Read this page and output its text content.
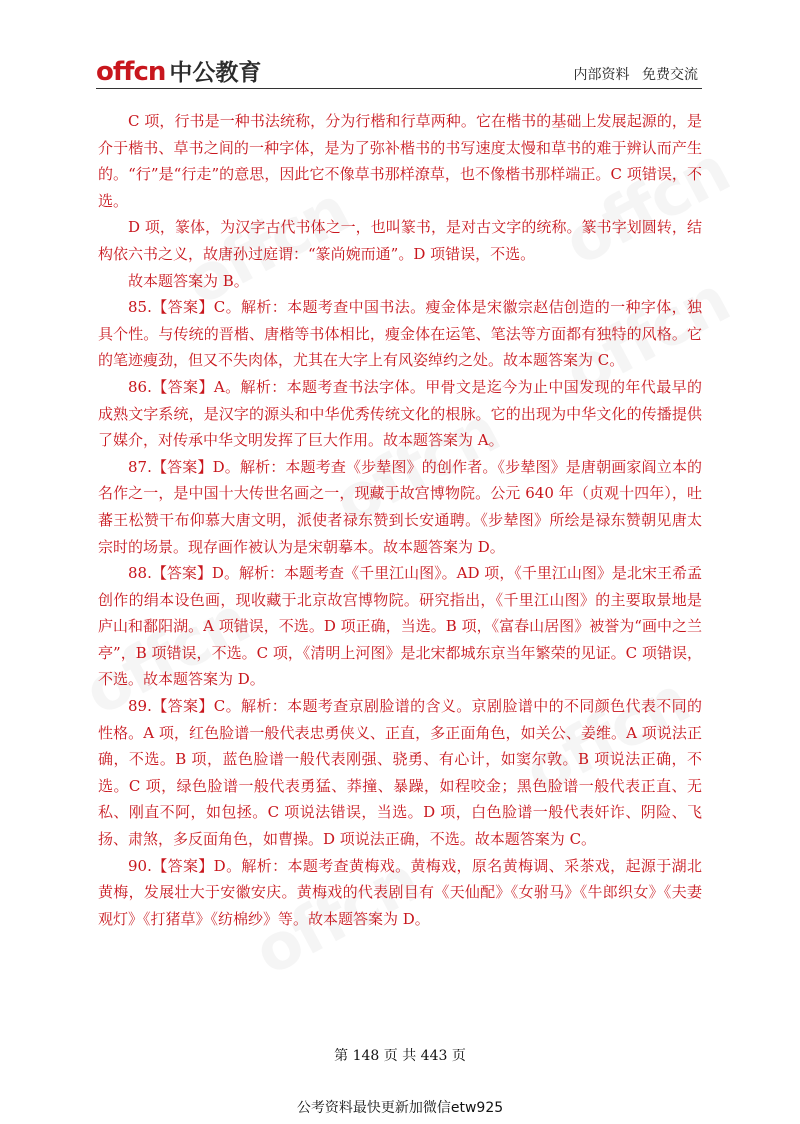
offcn 中公教育	内部资料 免费交流

C 项，行书是一种书法统称，分为行楷和行草两种。它在楷书的基础上发展起源的，是介于楷书、草书之间的一种字体，是为了弥补楷书的书写速度太慢和草书的难于辨认而产生的。“行”是“行走”的意思，因此它不像草书那样潦草，也不像楷书那样端正。C 项错误，不选。

D 项，篆体，为汉字古代书体之一，也叫篆书，是对古文字的统称。篆书字划圆转，结构依六书之义，故唐孙过庭谓：“篆尚婉而通”。D 项错误，不选。

故本题答案为 B。

85.【答案】C。解析：本题考查中国书法。瘦金体是宋徽宗赵佶创造的一种字体，独具个性。与传统的晋楷、唐楷等书体相比，瘦金体在运笔、笔法等方面都有独特的风格。它的笔迹瘦劲，但又不失肉体，尤其在大字上有风姿绰约之处。故本题答案为 C。

86.【答案】A。解析：本题考查书法字体。甲骨文是迄今为止中国发现的年代最早的成熟文字系统，是汉字的源头和中华优秀传统文化的根脉。它的出现为中华文化的传播提供了媒介，对传承中华文明发挥了巨大作用。故本题答案为 A。

87.【答案】D。解析：本题考查《步辇图》的创作者。《步辇图》是唐朝画家阎立本的名作之一，是中国十大传世名画之一，现藏于故宫博物院。公元 640 年（贞观十四年），吐蕃王松赞干布仰慕大唐文明，派使者禄东赞到长安通聘。《步辇图》所绘是禄东赞朝见唐太宗时的场景。现存画作被认为是宋朝摹本。故本题答案为 D。

88.【答案】D。解析：本题考查《千里江山图》。AD 项，《千里江山图》是北宋王希孟创作的绢本设色画，现收藏于北京故宫博物院。研究指出，《千里江山图》的主要取景地是庐山和鄱阳湖。A 项错误，不选。D 项正确，当选。B 项，《富春山居图》被誉为“画中之兰亭”，B 项错误，不选。C 项，《清明上河图》是北宋都城东京当年繁荣的见证。C 项错误，不选。故本题答案为 D。

89.【答案】C。解析：本题考查京剧脸谱的含义。京剧脸谱中的不同颜色代表不同的性格。A 项，红色脸谱一般代表忠勇侠义、正直，多正面角色，如关公、姜维。A 项说法正确，不选。B 项，蓝色脸谱一般代表刚强、骁勇、有心计，如窦尔敦。B 项说法正确，不选。C 项，绿色脸谱一般代表勇猛、莽撞、暴躁，如程咬金；黑色脸谱一般代表正直、无私、刚直不阿，如包拯。C 项说法错误，当选。D 项，白色脸谱一般代表奸诈、阴险、飞扬、肃煞，多反面角色，如曹操。D 项说法正确，不选。故本题答案为 C。

90.【答案】D。解析：本题考查黄梅戏。黄梅戏，原名黄梅调、采茶戏，起源于湖北黄梅，发展壮大于安徽安庆。黄梅戏的代表剧目有《天仙配》《女驸马》《牛郎织女》《夫妻观灯》《打猪草》《纺棉纱》等。故本题答案为 D。

第 148 页 共 443 页
公考资料最快更新加微信etw925
